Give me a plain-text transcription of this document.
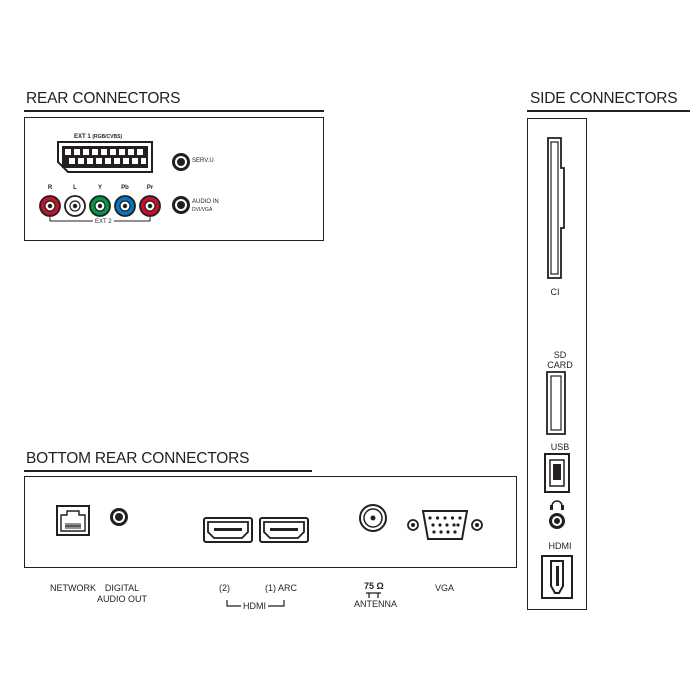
REAR CONNECTORS	SIDE CONNECTORS
BOTTOM REAR CONNECTORS
EXT 1 (RGB/CVBS)
R	L	Y	Pb	Pr
EXT 2
SERV.U
AUDIO IN
DVI/VGA
CI
SD
CARD
USB
HDMI
NETWORK DIGITAL
AUDIO OUT
(2)	(1) ARC
HDMI
75 Ω
ANTENNA
VGA
